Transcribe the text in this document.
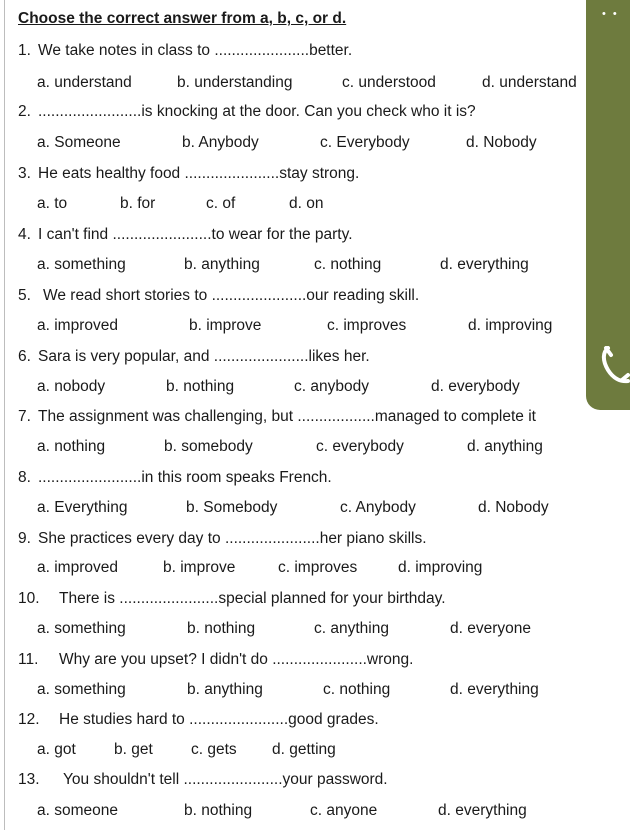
Choose the correct answer from a, b, c, or d.
1. We take notes in class to ......................better.
a. understand	b. understanding	c. understood	d. understand
2. ........................is knocking at the door. Can you check who it is?
a. Someone	b. Anybody	c. Everybody	d. Nobody
3. He eats healthy food ......................stay strong.
a. to	b. for	c. of	d. on
4. I can't find .......................to wear for the party.
a. something	b. anything	c. nothing	d. everything
5. We read short stories to ......................our reading skill.
a. improved	b. improve	c. improves	d. improving
6. Sara is very popular, and ......................likes her.
a. nobody	b. nothing	c. anybody	d. everybody
7. The assignment was challenging, but ..................managed to complete it
a. nothing	b. somebody	c. everybody	d. anything
8. ........................in this room speaks French.
a. Everything	b. Somebody	c. Anybody	d. Nobody
9. She practices every day to ......................her piano skills.
a. improved	b. improve	c. improves	d. improving
10. There is .......................special planned for your birthday.
a. something	b. nothing	c. anything	d. everyone
11. Why are you upset? I didn't do ......................wrong.
a. something	b. anything	c. nothing	d. everything
12. He studies hard to .......................good grades.
a. got b. get c. gets d. getting
13. You shouldn't tell .......................your password.
a. someone	b. nothing	c. anyone	d. everything
• •
